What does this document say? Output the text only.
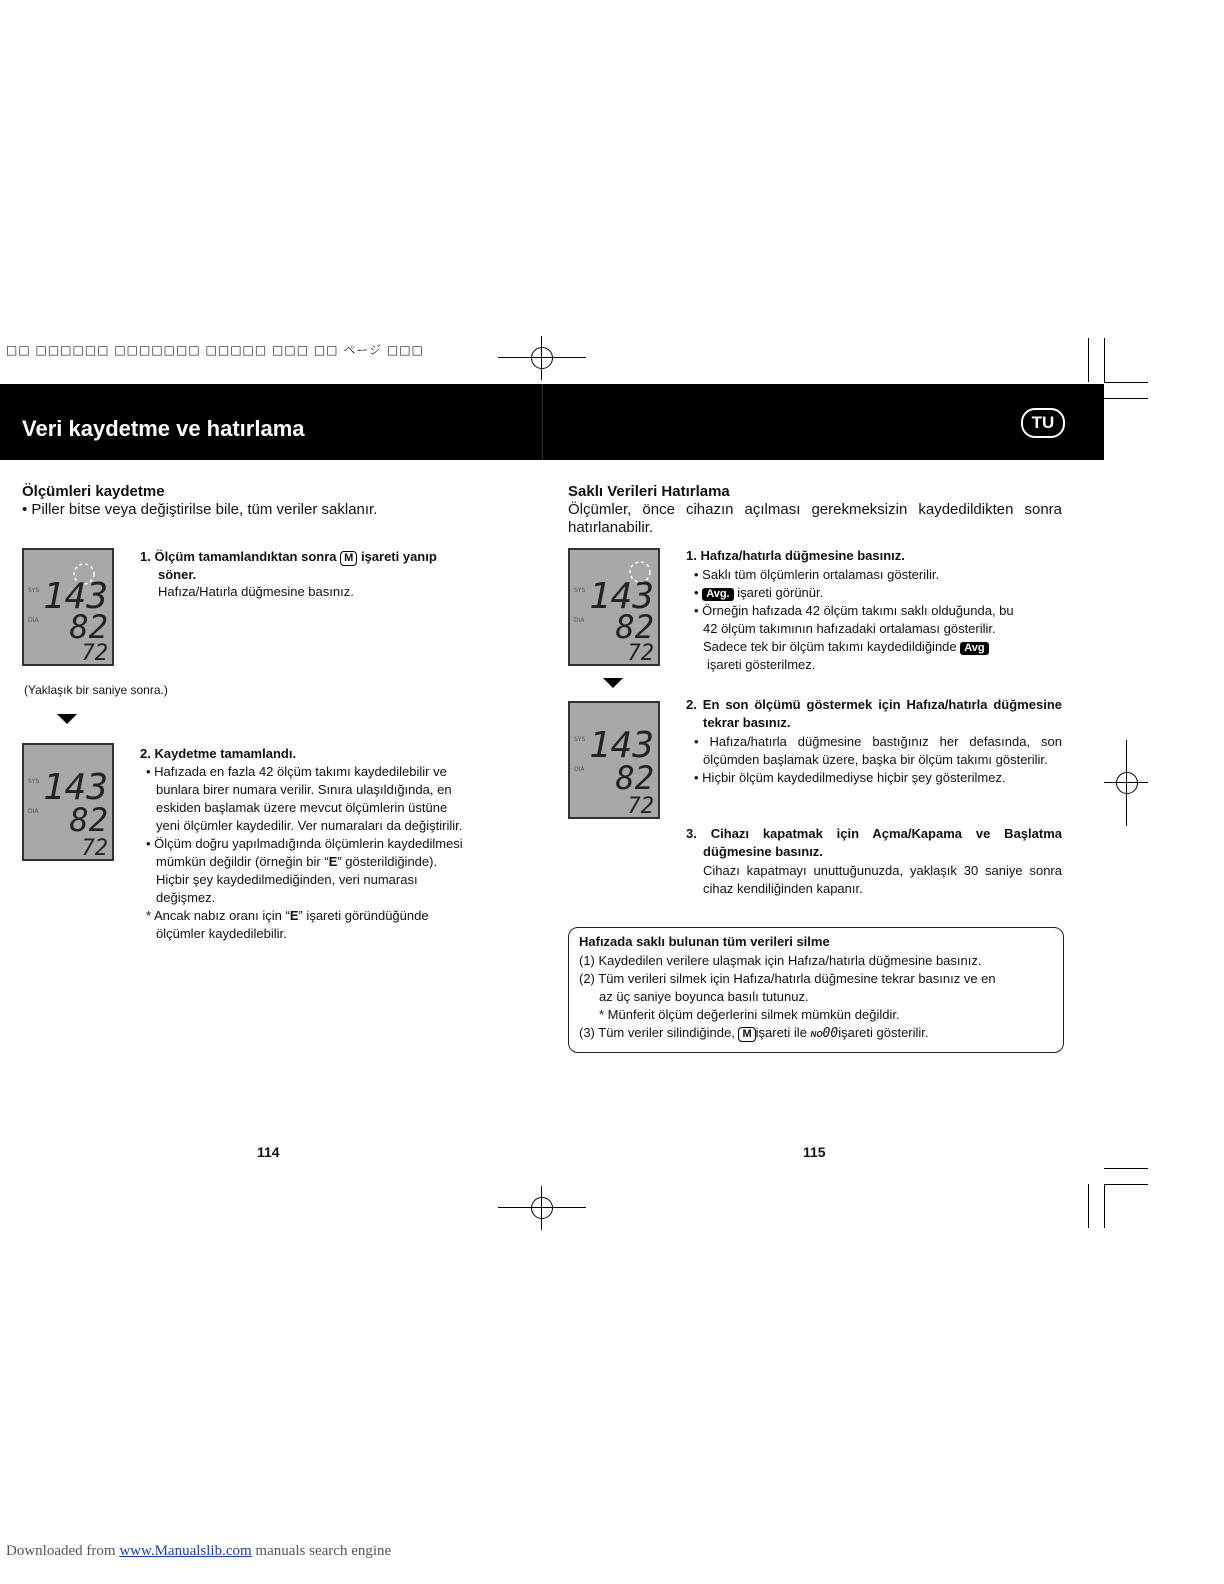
□□ □□□□□□ □□□□□□□ □□□□□ □□□ □□ ページ □□□
Veri kaydetme ve hatırlama	TU
Ölçümleri kaydetme
• Piller bitse veya değiştirilse bile, tüm veriler saklanır.
SYS
DIA
143
82
72
1. Ölçüm tamamlandıktan sonra M işareti yanıp
söner.
Hafıza/Hatırla düğmesine basınız.
(Yaklaşık bir saniye sonra.)
SYS
DIA
143
82
72
2. Kaydetme tamamlandı.
• Hafızada en fazla 42 ölçüm takımı kaydedilebilir ve
bunlara birer numara verilir. Sınıra ulaşıldığında, en
eskiden başlamak üzere mevcut ölçümlerin üstüne
yeni ölçümler kaydedilir. Ver numaraları da değiştirilir.
• Ölçüm doğru yapılmadığında ölçümlerin kaydedilmesi
mümkün değildir (örneğin bir “E” gösterildiğinde).
Hiçbir şey kaydedilmediğinden, veri numarası
değişmez.
* Ancak nabız oranı için “E” işareti göründüğünde
ölçümler kaydedilebilir.
114
Saklı Verileri Hatırlama
Ölçümler, önce cihazın açılması gerekmeksizin kaydedildikten sonra hatırlanabilir.
SYS
DIA
143
82
72
SYS
DIA
143
82
72
1. Hafıza/hatırla düğmesine basınız.
• Saklı tüm ölçümlerin ortalaması gösterilir.
• Avg. işareti görünür.
• Örneğin hafızada 42 ölçüm takımı saklı olduğunda, bu
42 ölçüm takımının hafızadaki ortalaması gösterilir.
Sadece tek bir ölçüm takımı kaydedildiğinde Avg
işareti gösterilmez.
2. En son ölçümü göstermek için Hafıza/hatırla düğmesine tekrar basınız.
• Hafıza/hatırla düğmesine bastığınız her defasında, son ölçümden başlamak üzere, başka bir ölçüm takımı gösterilir.
• Hiçbir ölçüm kaydedilmediyse hiçbir şey gösterilmez.
3. Cihazı kapatmak için Açma/Kapama ve Başlatma düğmesine basınız.
Cihazı kapatmayı unuttuğunuzda, yaklaşık 30 saniye sonra cihaz kendiliğinden kapanır.
Hafızada saklı bulunan tüm verileri silme
(1) Kaydedilen verilere ulaşmak için Hafıza/hatırla düğmesine basınız.
(2) Tüm verileri silmek için Hafıza/hatırla düğmesine tekrar basınız ve en
az üç saniye boyunca basılı tutunuz.
* Münferit ölçüm değerlerini silmek mümkün değildir.
(3) Tüm veriler silindiğinde, M işareti ile NO00işareti gösterilir.
115
Downloaded from www.Manualslib.com manuals search engine
